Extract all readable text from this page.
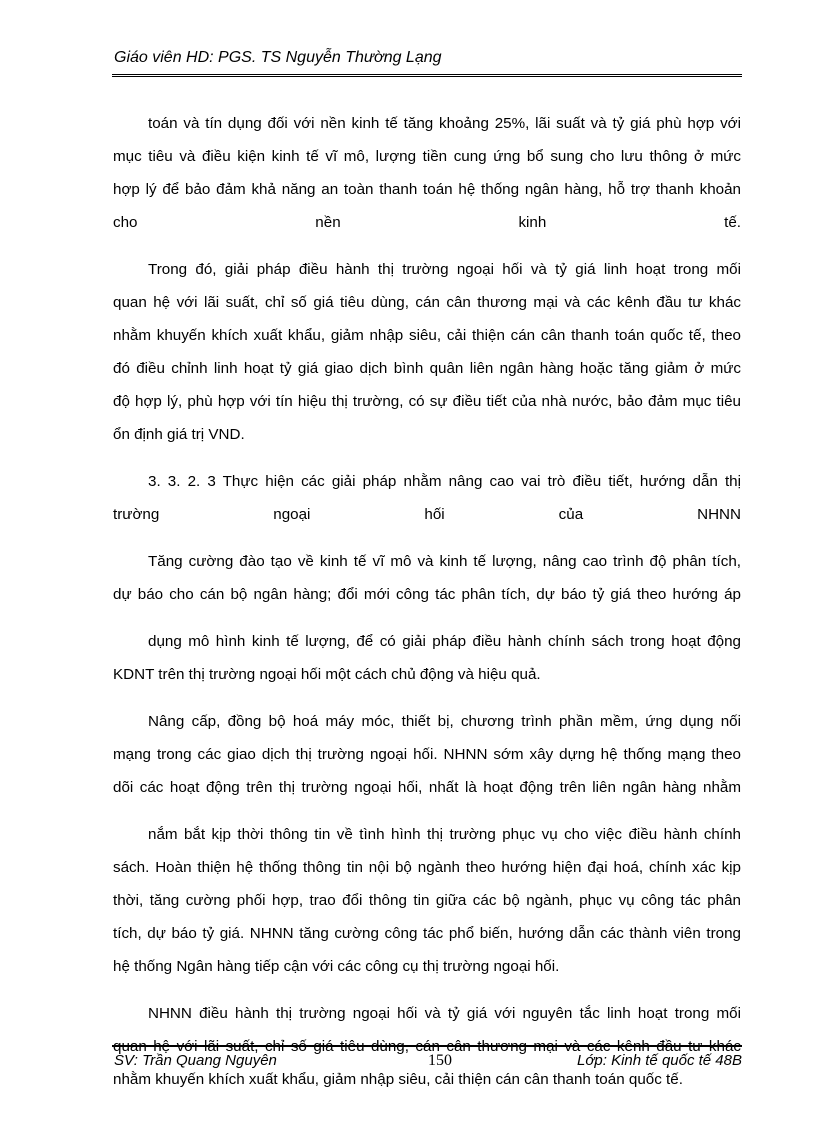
Giáo viên HD: PGS. TS Nguyễn Thường Lạng
toán và tín dụng đối với nền kinh tế tăng khoảng 25%, lãi suất và tỷ giá phù hợp với
mục tiêu và điều kiện kinh tế vĩ mô, lượng tiền cung ứng bổ sung cho lưu thông ở mức
hợp lý để bảo đảm khả năng an toàn thanh toán hệ thống ngân hàng, hỗ trợ thanh khoản
cho nền kinh tế.
Trong đó, giải pháp điều hành thị trường ngoại hối và tỷ giá linh hoạt trong mối
quan hệ với lãi suất, chỉ số giá tiêu dùng, cán cân thương mại và các kênh đầu tư khác
nhằm khuyến khích xuất khẩu, giảm nhập siêu, cải thiện cán cân thanh toán quốc tế, theo
đó điều chỉnh linh hoạt tỷ giá giao dịch bình quân liên ngân hàng hoặc tăng giảm ở mức
độ hợp lý, phù hợp với tín hiệu thị trường, có sự điều tiết của nhà nước, bảo đảm mục tiêu
ổn định giá trị VND.
3. 3. 2. 3 Thực hiện các giải pháp nhằm nâng cao vai trò điều tiết, hướng dẫn thị
trường ngoại hối của NHNN
Tăng cường đào tạo về kinh tế vĩ mô và kinh tế lượng, nâng cao trình độ phân tích,
dự báo cho cán bộ ngân hàng; đổi mới công tác phân tích, dự báo tỷ giá theo hướng áp
dụng mô hình kinh tế lượng, để có giải pháp điều hành chính sách trong hoạt động
KDNT trên thị trường ngoại hối một cách chủ động và hiệu quả.
Nâng cấp, đồng bộ hoá máy móc, thiết bị, chương trình phần mềm, ứng dụng nối
mạng trong các giao dịch thị trường ngoại hối. NHNN sớm xây dựng hệ thống mạng theo
dõi các hoạt động trên thị trường ngoại hối, nhất là hoạt động trên liên ngân hàng nhằm
nắm bắt kịp thời thông tin về tình hình thị trường phục vụ cho việc điều hành chính
sách. Hoàn thiện hệ thống thông tin nội bộ ngành theo hướng hiện đại hoá, chính xác kịp
thời, tăng cường phối hợp, trao đổi thông tin giữa các bộ ngành, phục vụ công tác phân
tích, dự báo tỷ giá. NHNN tăng cường công tác phổ biến, hướng dẫn các thành viên trong
hệ thống Ngân hàng tiếp cận với các công cụ thị trường ngoại hối.
NHNN điều hành thị trường ngoại hối và tỷ giá với nguyên tắc linh hoạt trong mối
quan hệ với lãi suất, chỉ số giá tiêu dùng, cán cân thương mại và các kênh đầu tư khác
nhằm khuyến khích xuất khẩu, giảm nhập siêu, cải thiện cán cân thanh toán quốc tế.
SV: Trần Quang Nguyên	150	Lớp: Kinh tế quốc tế 48B
